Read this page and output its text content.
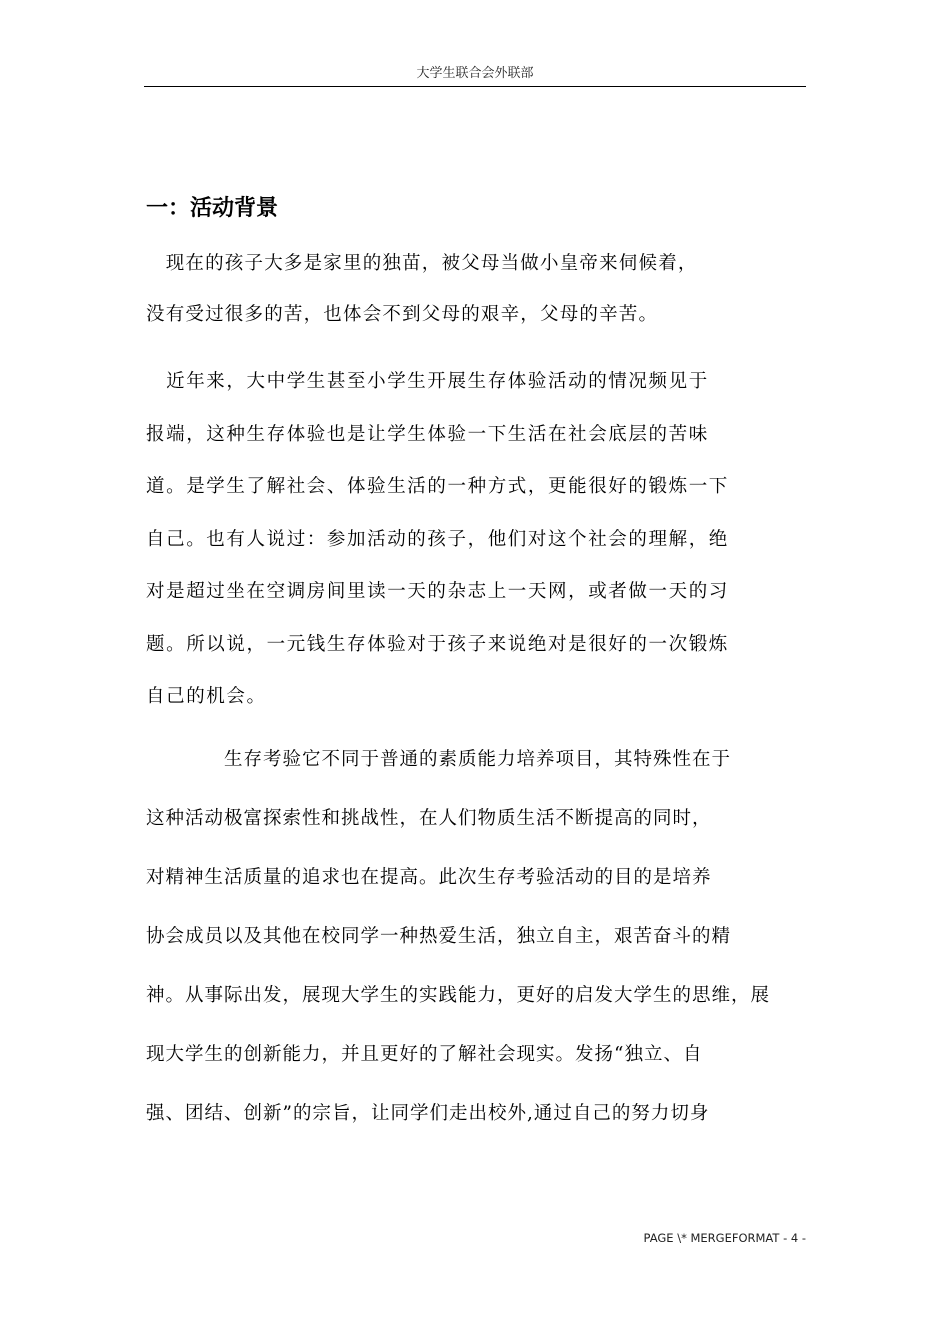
大学生联合会外联部
一：活动背景
　现在的孩子大多是家里的独苗，被父母当做小皇帝来伺候着，
没有受过很多的苦，也体会不到父母的艰辛，父母的辛苦。
　近年来，大中学生甚至小学生开展生存体验活动的情况频见于
报端，这种生存体验也是让学生体验一下生活在社会底层的苦味
道。是学生了解社会、体验生活的一种方式，更能很好的锻炼一下
自己。也有人说过：参加活动的孩子，他们对这个社会的理解，绝
对是超过坐在空调房间里读一天的杂志上一天网，或者做一天的习
题。所以说，一元钱生存体验对于孩子来说绝对是很好的一次锻炼
自己的机会。
　　　　生存考验它不同于普通的素质能力培养项目，其特殊性在于
这种活动极富探索性和挑战性，在人们物质生活不断提高的同时，
对精神生活质量的追求也在提高。此次生存考验活动的目的是培养
协会成员以及其他在校同学一种热爱生活，独立自主，艰苦奋斗的精
神。从事际出发，展现大学生的实践能力，更好的启发大学生的思维，展
现大学生的创新能力，并且更好的了解社会现实。发扬“独立、自
强、团结、创新”的宗旨，让同学们走出校外,通过自己的努力切身
PAGE \* MERGEFORMAT - 4 -
